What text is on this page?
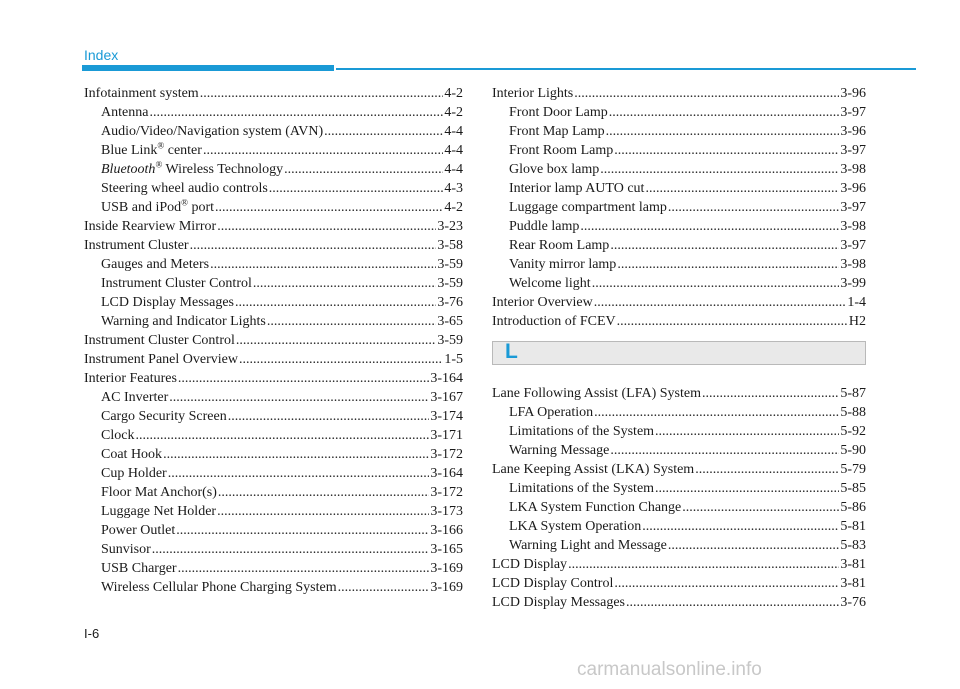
Index
Infotainment system .....	4-2
Antenna .....	4-2
Audio/Video/Navigation system (AVN) .....	4-4
Blue Link® center .....	4-4
Bluetooth® Wireless Technology .....	4-4
Steering wheel audio controls .....	4-3
USB and iPod® port .....	4-2
Inside Rearview Mirror .....	3-23
Instrument Cluster .....	3-58
Gauges and Meters .....	3-59
Instrument Cluster Control .....	3-59
LCD Display Messages .....	3-76
Warning and Indicator Lights .....	3-65
Instrument Cluster Control .....	3-59
Instrument Panel Overview .....	1-5
Interior Features .....	3-164
AC Inverter .....	3-167
Cargo Security Screen .....	3-174
Clock .....	3-171
Coat Hook .....	3-172
Cup Holder .....	3-164
Floor Mat Anchor(s) .....	3-172
Luggage Net Holder .....	3-173
Power Outlet .....	3-166
Sunvisor .....	3-165
USB Charger .....	3-169
Wireless Cellular Phone Charging System .....	3-169
Interior Lights .....	3-96
Front Door Lamp .....	3-97
Front Map Lamp .....	3-96
Front Room Lamp .....	3-97
Glove box lamp .....	3-98
Interior lamp AUTO cut .....	3-96
Luggage compartment lamp .....	3-97
Puddle lamp .....	3-98
Rear Room Lamp .....	3-97
Vanity mirror lamp .....	3-98
Welcome light .....	3-99
Interior Overview .....	1-4
Introduction of FCEV .....	H2
L
Lane Following Assist (LFA) System .....	5-87
LFA Operation .....	5-88
Limitations of the System .....	5-92
Warning Message .....	5-90
Lane Keeping Assist (LKA) System .....	5-79
Limitations of the System .....	5-85
LKA System Function Change .....	5-86
LKA System Operation .....	5-81
Warning Light and Message .....	5-83
LCD Display .....	3-81
LCD Display Control .....	3-81
LCD Display Messages .....	3-76
I-6
carmanualsonline.info
